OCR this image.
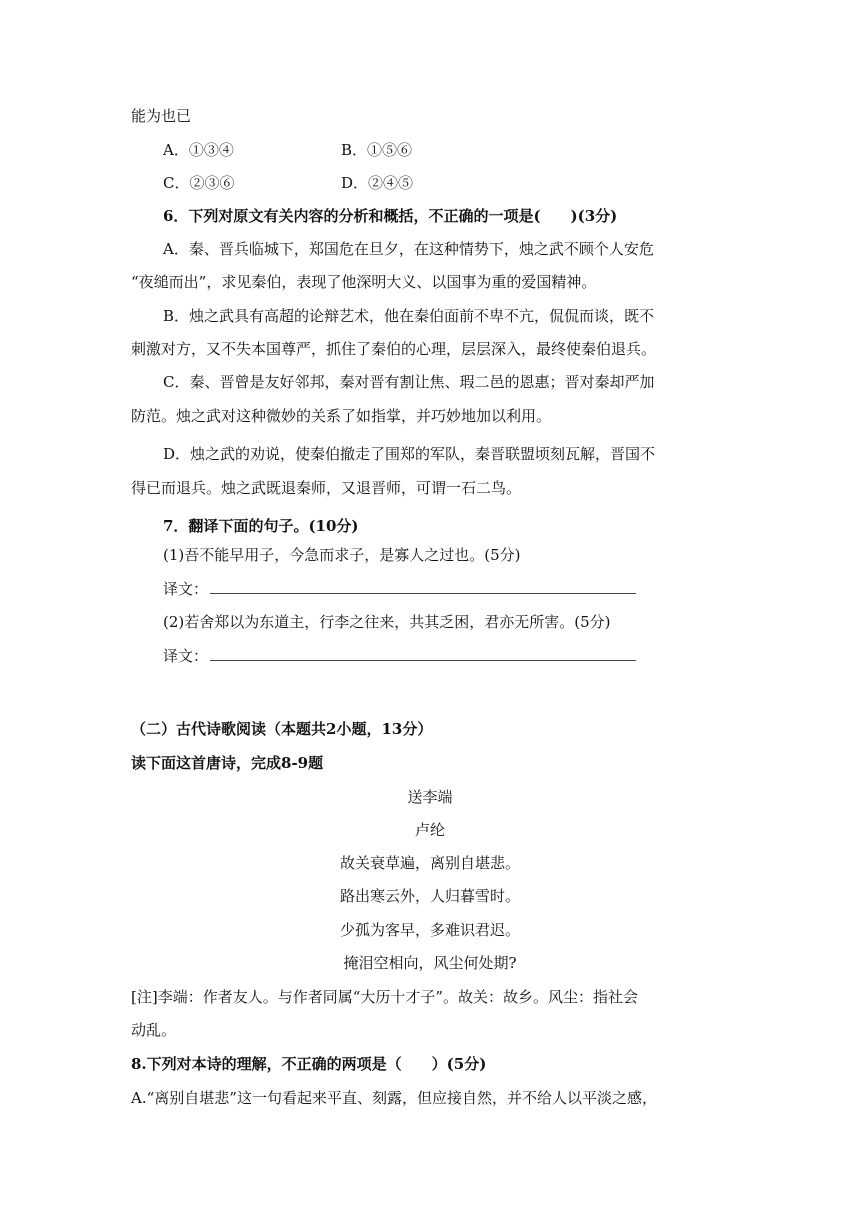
能为也已
A．①③④	B．①⑤⑥
C．②③⑥	D．②④⑤
6．下列对原文有关内容的分析和概括，不正确的一项是(　　)(3分)
A．秦、晋兵临城下，郑国危在旦夕，在这种情势下，烛之武不顾个人安危
“夜缒而出”，求见秦伯，表现了他深明大义、以国事为重的爱国精神。
B．烛之武具有高超的论辩艺术，他在秦伯面前不卑不亢，侃侃而谈，既不
刺激对方，又不失本国尊严，抓住了秦伯的心理，层层深入，最终使秦伯退兵。
C．秦、晋曾是友好邻邦，秦对晋有割让焦、瑕二邑的恩惠；晋对秦却严加
防范。烛之武对这种微妙的关系了如指掌，并巧妙地加以利用。
D．烛之武的劝说，使秦伯撤走了围郑的军队，秦晋联盟顷刻瓦解，晋国不
得已而退兵。烛之武既退秦师，又退晋师，可谓一石二鸟。
7．翻译下面的句子。(10分)
(1)吾不能早用子，今急而求子，是寡人之过也。(5分)
译文：
(2)若舍郑以为东道主，行李之往来，共其乏困，君亦无所害。(5分)
译文：
（二）古代诗歌阅读（本题共2小题，13分）
读下面这首唐诗，完成8-9题
送李端
卢纶
故关衰草遍，离别自堪悲。
路出寒云外，人归暮雪时。
少孤为客早，多难识君迟。
掩泪空相向，风尘何处期?
[注]李端：作者友人。与作者同属“大历十才子”。故关：故乡。风尘：指社会
动乱。
8.下列对本诗的理解，不正确的两项是（　　）(5分)
A.“离别自堪悲”这一句看起来平直、刻露，但应接自然，并不给人以平淡之感，
